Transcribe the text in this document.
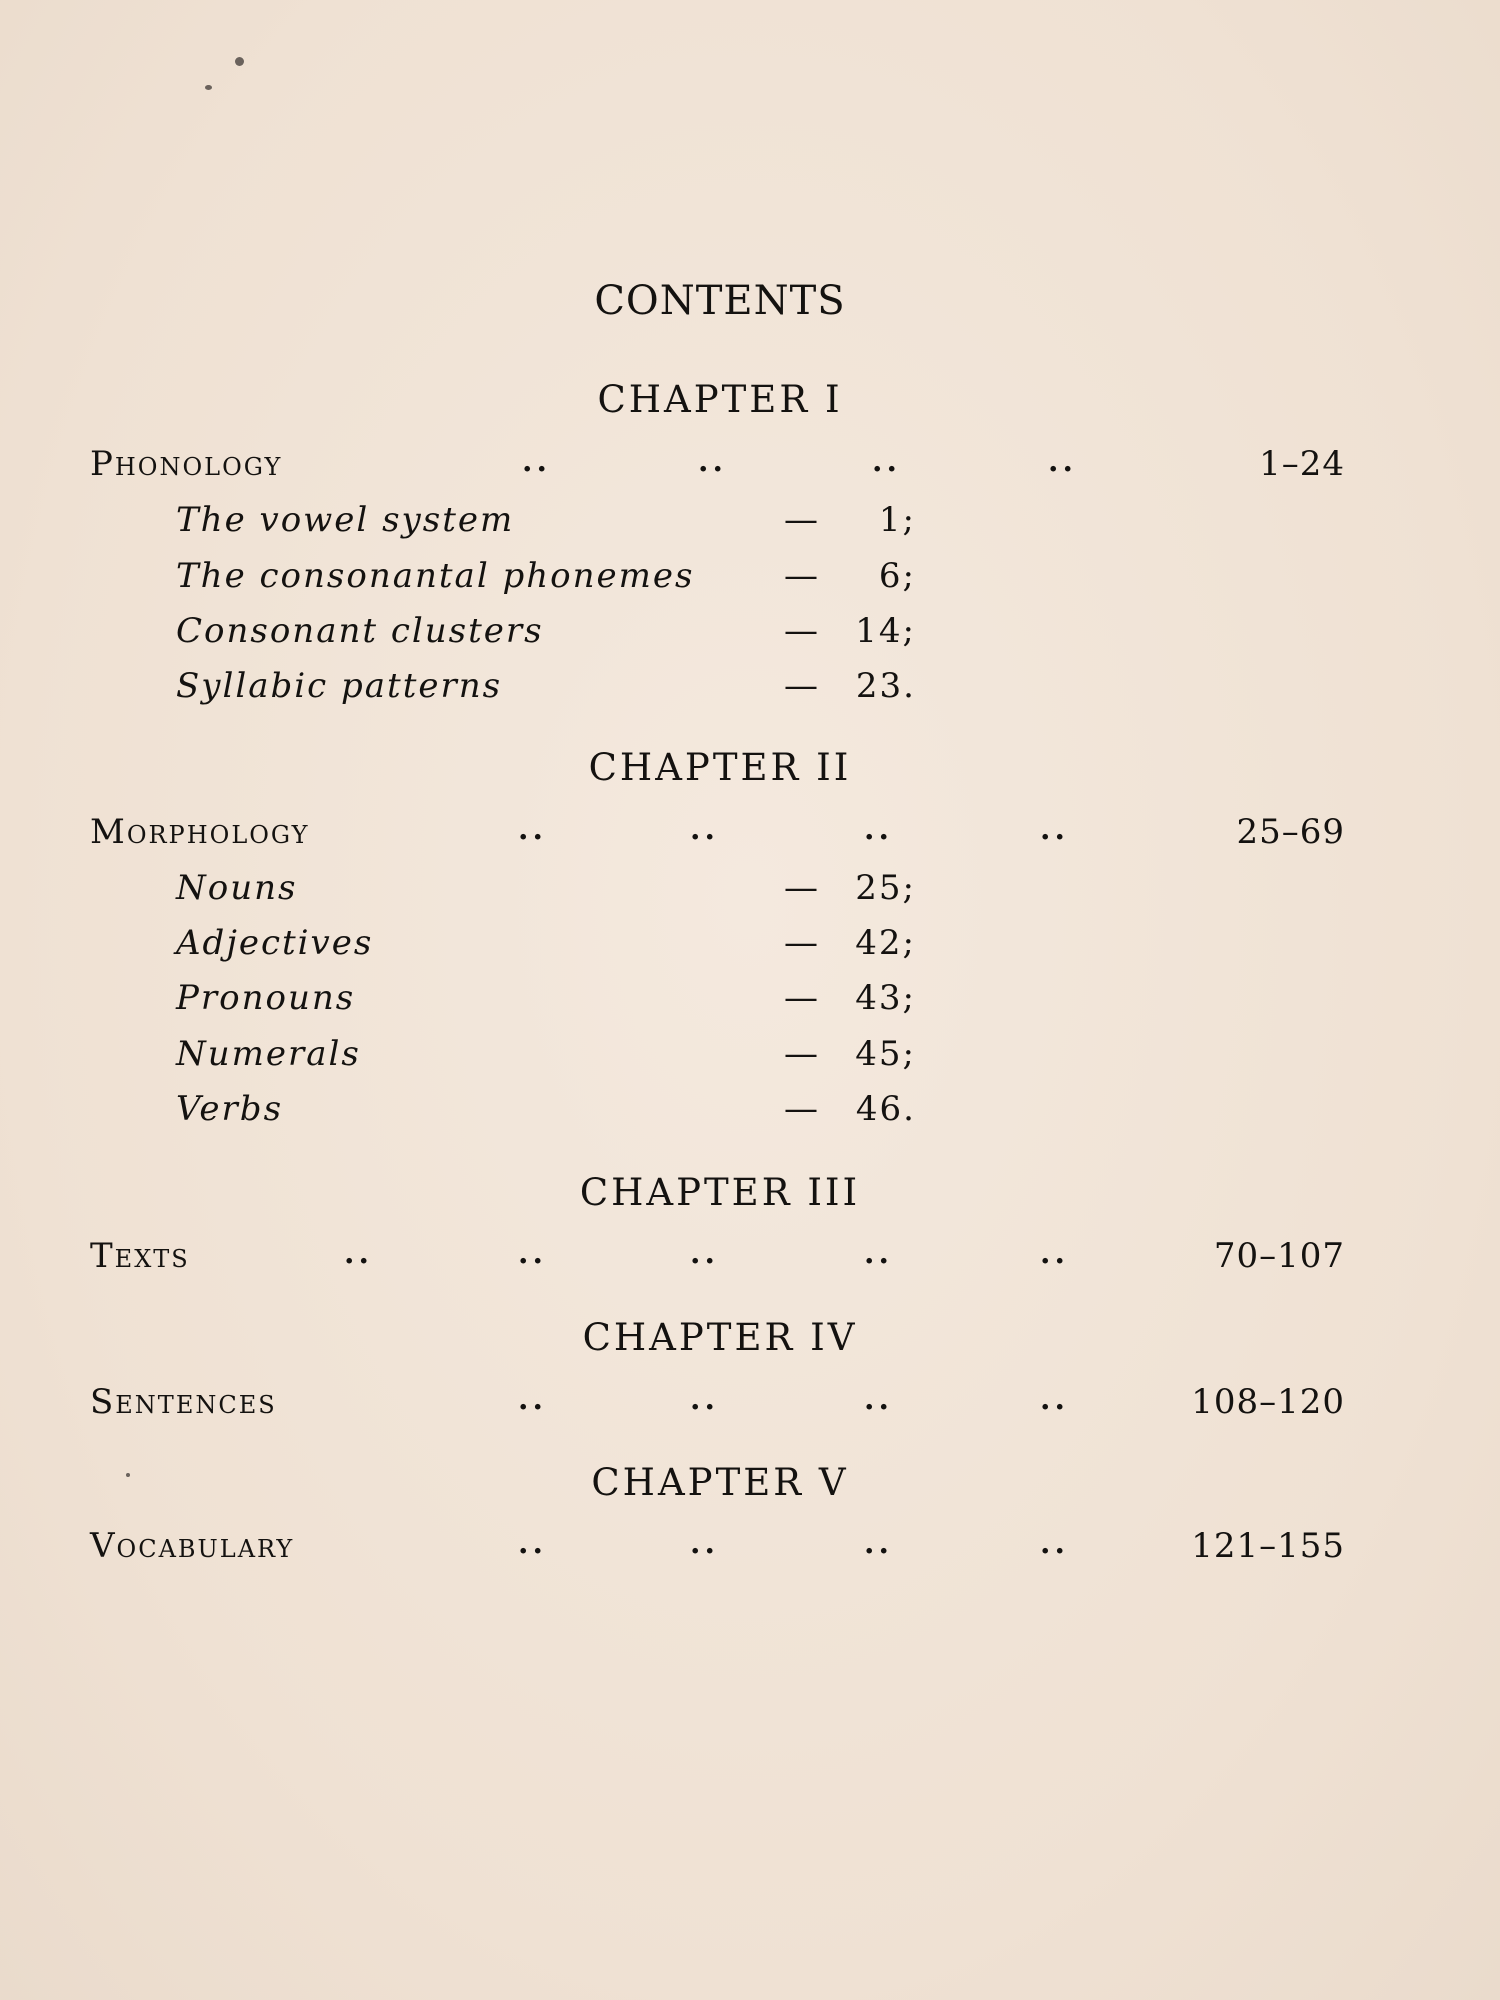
CONTENTS
CHAPTER I
Phonology	..	..	..	..	1–24
The vowel system	— 1;
The consonantal phonemes	— 6;
Consonant clusters	— 14;
Syllabic patterns	— 23.
CHAPTER II
Morphology	..	..	..	..	25–69
Nouns	— 25;
Adjectives	— 42;
Pronouns	— 43;
Numerals	— 45;
Verbs	— 46.
CHAPTER III
Texts	..	..	..	..	..	70–107
CHAPTER IV
Sentences	..	..	..	..	108–120
CHAPTER V
Vocabulary	..	..	..	..	121–155
